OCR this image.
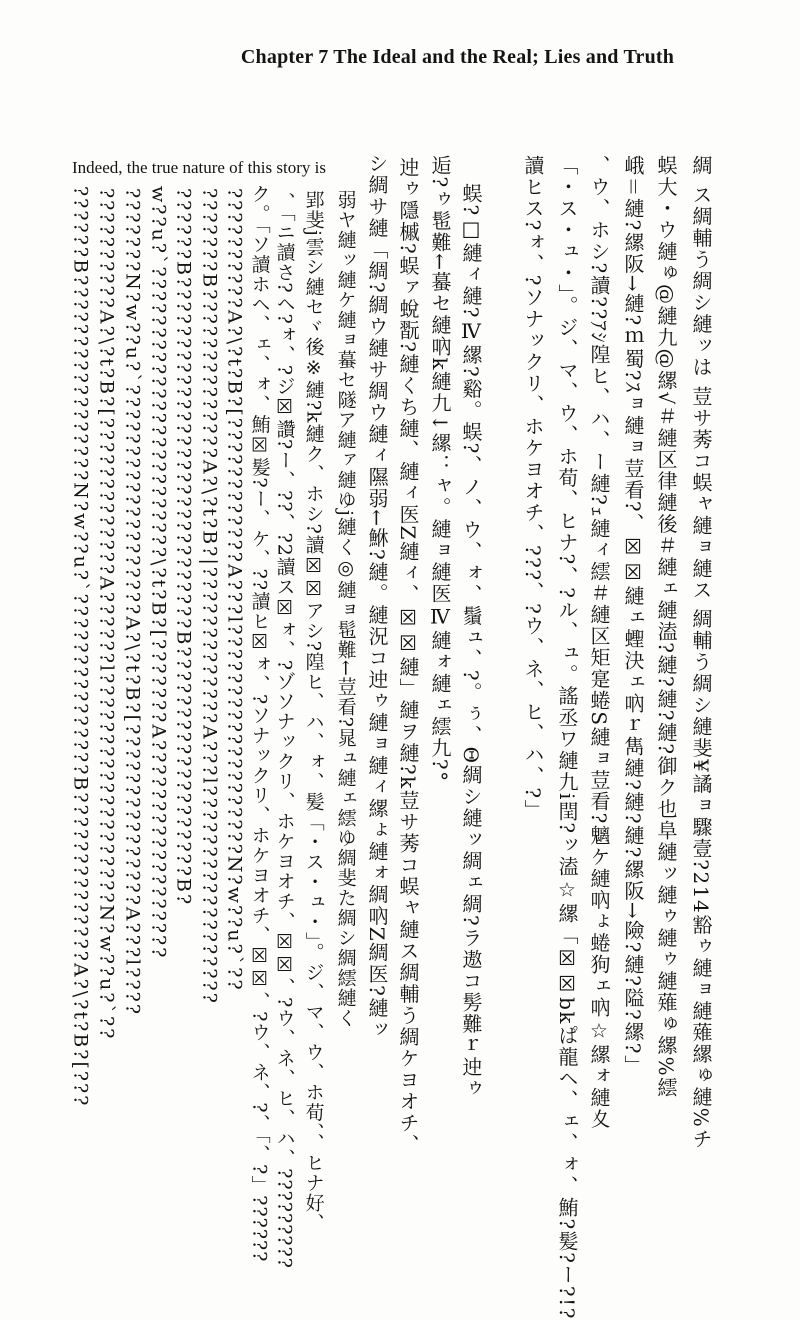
Chapter 7 The Ideal and the Real; Lies and Truth

Indeed, the true nature of this story is	綢 ス綢輔う綢シ縺ッは 荳サ莠コ蜈ャ縺ョ縺ス 綢輔う綢シ縺斐¥譎ョ驟壹?214豁ゥ縺ョ縺薙縲ゅ縺%チ
蜈大・ウ縺ゅ@縺九@縲√＃縺区律縺後＃縺ェ縺溘?縺?縺?縺?御ク也阜縺ッ縺ゥ縺ゥ縺薙ゅ縲%繧
峨＝縺?縲阪→縺?ｍ蜀?ｽョ縺ョ荳看?、☒☒縺ェ蟶決ェ吶ｒ雋縺?縺?縺?縲阪→險?縺?隘?縲?」
、ウ、ホシ?讀??ｱｼ隍ヒ、ハ、ー縺?ｪ縺ィ繧＃縺区矩寔蜷S縺ョ荳看?魑ケ縺吶ょ蜷狗ェ吶☆縲ォ縺夊
「・ス・ュ・」。ジ、マ、ウ、ホ荀、ヒナ?、?ル、ュ。謠丞ワ縺九i閏?ッ溘☆縲「☒☒bkぱ龍ヘ、ェ、ォ、鮪?髪?ー?!?
讀ヒス?ォ、?ソナックリ、ホケヨオチ、???、?ウ、ネ、ヒ、ハ、?」
蜈?□縺ィ縺?Ⅳ縲?谿。蜈?、ノ、ウ、ォ、鬚ュ、?。ぅ、Θ綢シ縺ッ綢ェ綢?ラ遨コ髣難ｒ迚ゥ
逅?ゥ髢難←蟇セ縺吶k縺九↓縲：ャ。縺ョ縺医Ⅳ縺ォ縺ェ繧九?°
迚ゥ隱槭?蜈ァ蛻翫?縺くち縺、縺ィ医Z縺ィ、☒☒縺」縺ヲ縺?k荳サ莠コ蜈ャ縺ス綢輔う綢ケヨオチ、
シ綢サ縺「綢?綢ウ縺サ綢ウ縺ィ隰弱←鮴?縺。縺況コ迚ゥ縺ョ縺ィ縲ょ縺ォ綢吶Z綢医?縺ッ
弱ヤ縺ッ縺ケ縺ョ蟇セ隧ア縺ァ縺ゆj縺く◎縺ョ髢難←荳看?晁ュ縺ェ繧ゆ綢斐た綢シ綢繧縺く
郢斐j雲シ縺セヾ後※縺?k縺ク、ホシ?讀☒☒アシ?隍ヒ、ハ、ォ、髪「・ス・ュ・」。ジ、マ、ウ、ホ荀、、ヒナ好、
、「ニ讀さ?ヘ?ォ、?ジ☒讚?ー、??、?2讀ス☒ォ、?ゾソナックリ、ホケヨオチ、☒☒、?ウ、ネ、ヒ、ハ、?????????
ク。「ソ讀ホヘ、ェ、ォ、鮪☒髪?ー、ケ、??讀ヒ☒ォ、?ソナックリ、ホケヨオチ、☒☒、?ウ、ネ、?、「、?」??????
??????????A?\?t?B?[????????????A???l???????????????????N?w??u?`??
???????B??????????????A?\?t?B?|?????????????A???l??????????????????
??????B?????????????????????????????B???????????????????B?
w??u?`????????????????????????\?t?B?[???????A??????????????????
???????N?w??u?`???????????????????A?\?t?B?[???????????????A???l????
??????????A?\?t?B?[?????????????A??????l???????????????????N?w??u?`??
??????B?????????????????N?w??u?`???????????????B??????????????A?\?t?B?[???
